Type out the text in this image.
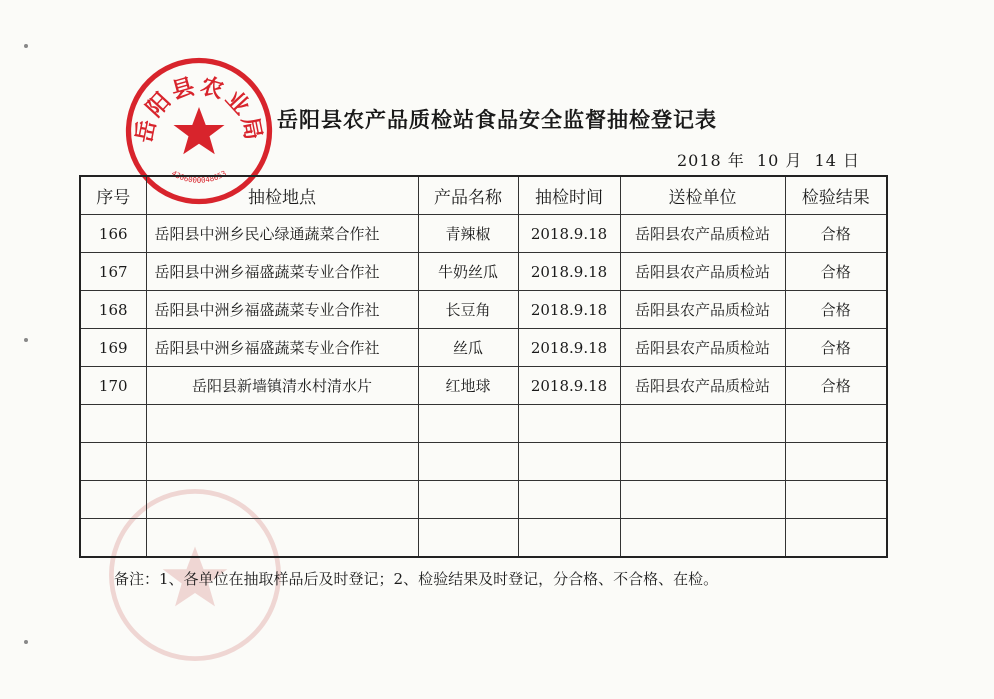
岳阳县农业局
4306000048053
岳阳县农产品质检站食品安全监督抽检登记表
2018 年  10 月  14 日
序号	抽检地点	产品名称	抽检时间	送检单位	检验结果
166	岳阳县中洲乡民心绿通蔬菜合作社	青辣椒	2018.9.18	岳阳县农产品质检站	合格
167	岳阳县中洲乡福盛蔬菜专业合作社	牛奶丝瓜	2018.9.18	岳阳县农产品质检站	合格
168	岳阳县中洲乡福盛蔬菜专业合作社	长豆角	2018.9.18	岳阳县农产品质检站	合格
169	岳阳县中洲乡福盛蔬菜专业合作社	丝瓜	2018.9.18	岳阳县农产品质检站	合格
170	岳阳县新墙镇清水村清水片	红地球	2018.9.18	岳阳县农产品质检站	合格

备注：1、各单位在抽取样品后及时登记；2、检验结果及时登记，分合格、不合格、在检。
